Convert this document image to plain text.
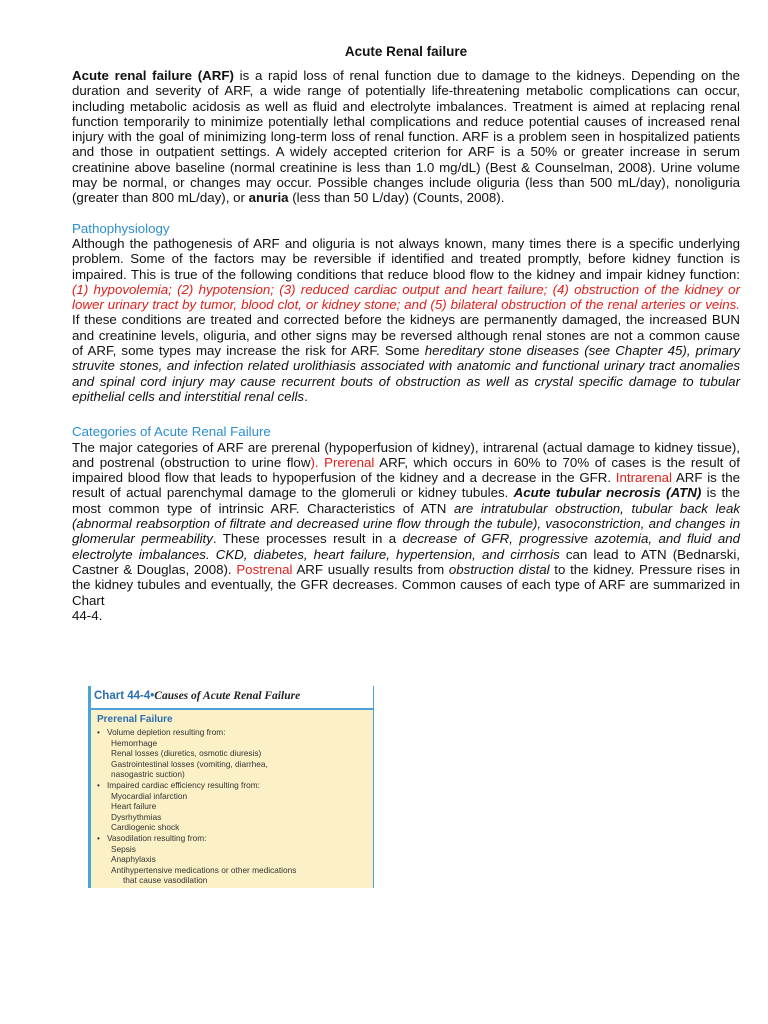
Acute Renal failure

Acute renal failure (ARF) is a rapid loss of renal function due to damage to the kidneys. Depending on the duration and severity of ARF, a wide range of potentially life-threatening metabolic complications can occur, including metabolic acidosis as well as fluid and electrolyte imbalances. Treatment is aimed at replacing renal function temporarily to minimize potentially lethal complications and reduce potential causes of increased renal injury with the goal of minimizing long-term loss of renal function. ARF is a problem seen in hospitalized patients and those in outpatient settings. A widely accepted criterion for ARF is a 50% or greater increase in serum creatinine above baseline (normal creatinine is less than 1.0 mg/dL) (Best & Counselman, 2008). Urine volume may be normal, or changes may occur. Possible changes include oliguria (less than 500 mL/day), nonoliguria (greater than 800 mL/day), or anuria (less than 50 L/day) (Counts, 2008).

Pathophysiology

Although the pathogenesis of ARF and oliguria is not always known, many times there is a specific underlying problem. Some of the factors may be reversible if identified and treated promptly, before kidney function is impaired. This is true of the following conditions that reduce blood flow to the kidney and impair kidney function: (1) hypovolemia; (2) hypotension; (3) reduced cardiac output and heart failure; (4) obstruction of the kidney or lower urinary tract by tumor, blood clot, or kidney stone; and (5) bilateral obstruction of the renal arteries or veins. If these conditions are treated and corrected before the kidneys are permanently damaged, the increased BUN and creatinine levels, oliguria, and other signs may be reversed although renal stones are not a common cause of ARF, some types may increase the risk for ARF. Some hereditary stone diseases (see Chapter 45), primary struvite stones, and infection related urolithiasis associated with anatomic and functional urinary tract anomalies and spinal cord injury may cause recurrent bouts of obstruction as well as crystal specific damage to tubular epithelial cells and interstitial renal cells.

Categories of Acute Renal Failure

The major categories of ARF are prerenal (hypoperfusion of kidney), intrarenal (actual damage to kidney tissue), and postrenal (obstruction to urine flow). Prerenal ARF, which occurs in 60% to 70% of cases is the result of impaired blood flow that leads to hypoperfusion of the kidney and a decrease in the GFR. Intrarenal ARF is the result of actual parenchymal damage to the glomeruli or kidney tubules. Acute tubular necrosis (ATN) is the most common type of intrinsic ARF. Characteristics of ATN are intratubular obstruction, tubular back leak (abnormal reabsorption of filtrate and decreased urine flow through the tubule), vasoconstriction, and changes in glomerular permeability. These processes result in a decrease of GFR, progressive azotemia, and fluid and electrolyte imbalances. CKD, diabetes, heart failure, hypertension, and cirrhosis can lead to ATN (Bednarski, Castner & Douglas, 2008). Postrenal ARF usually results from obstruction distal to the kidney. Pressure rises in the kidney tubules and eventually, the GFR decreases. Common causes of each type of ARF are summarized in Chart
44-4.

Chart 44-4•Causes of Acute Renal Failure
Prerenal Failure
• Volume depletion resulting from:
Hemorrhage
Renal losses (diuretics, osmotic diuresis)
Gastrointestinal losses (vomiting, diarrhea,
nasogastric suction)
• Impaired cardiac efficiency resulting from:
Myocardial infarction
Heart failure
Dysrhythmias
Cardiogenic shock
• Vasodilation resulting from:
Sepsis
Anaphylaxis
Antihypertensive medications or other medications
that cause vasodilation
